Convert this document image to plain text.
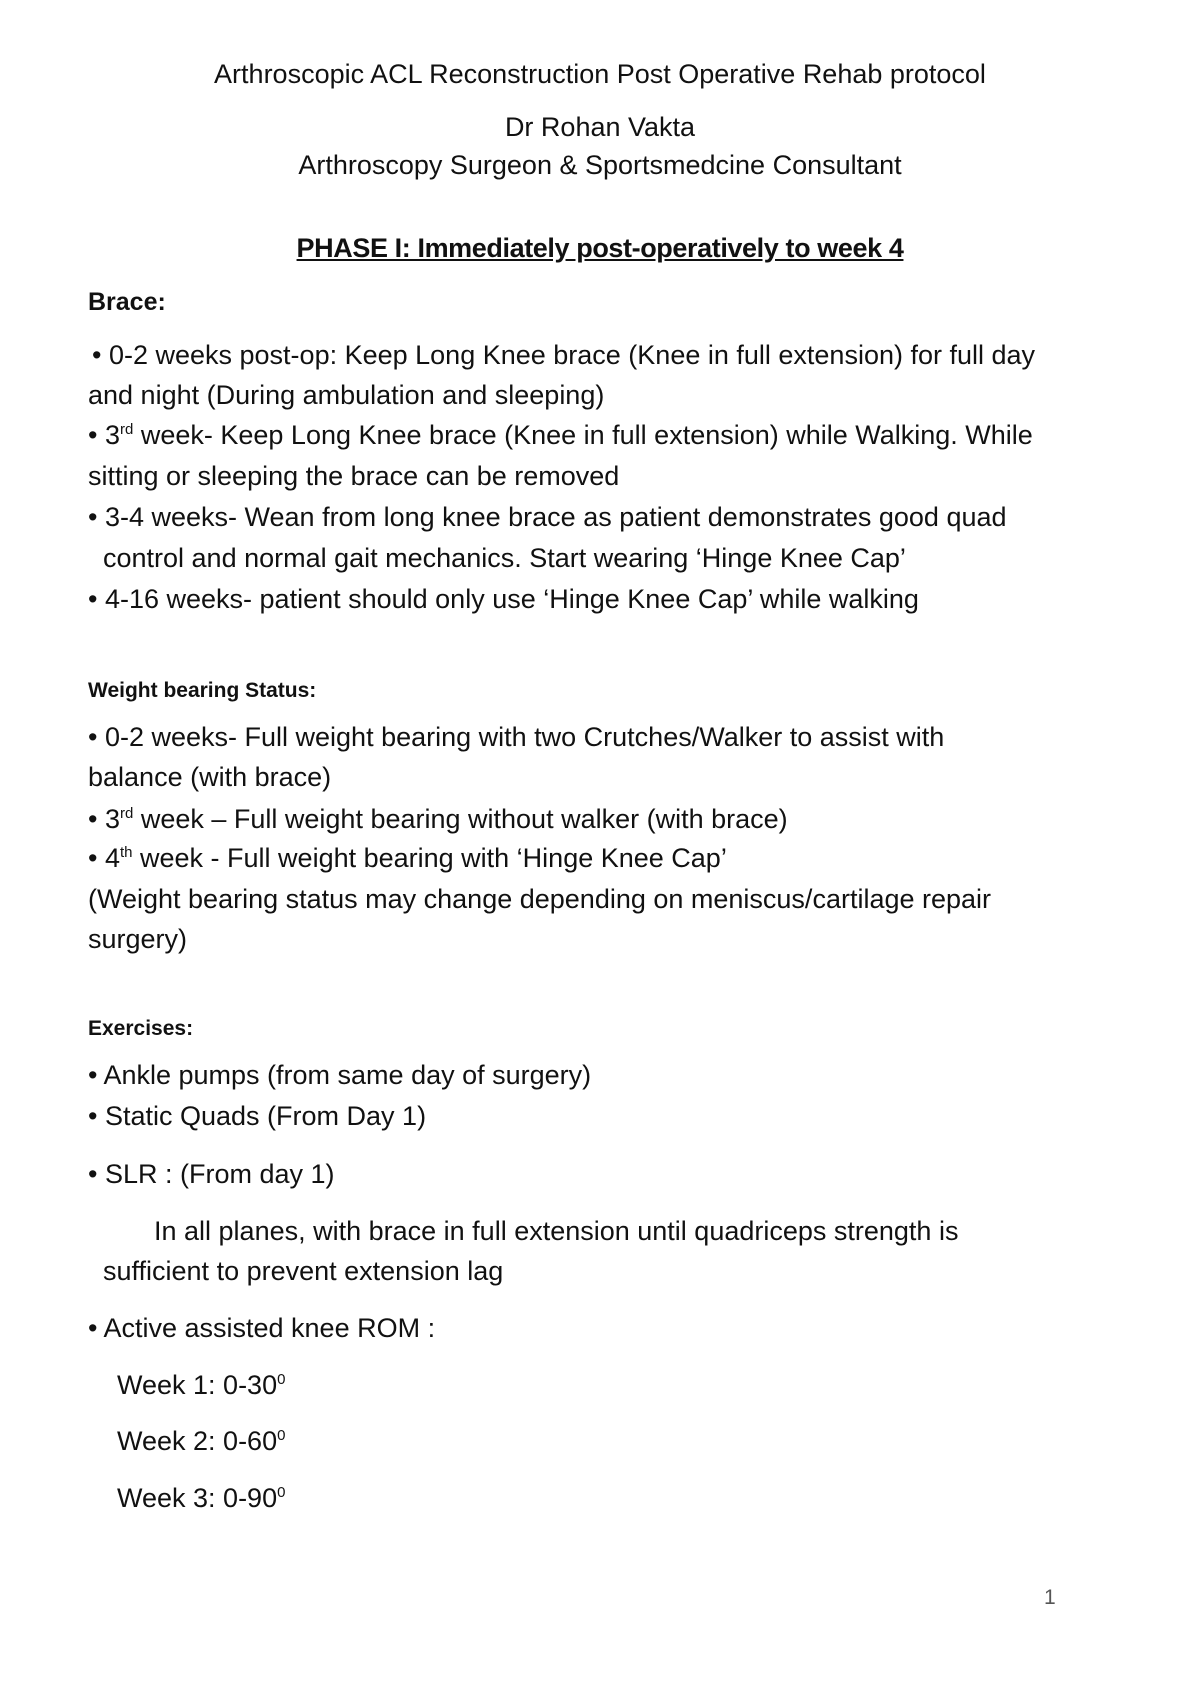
Arthroscopic ACL Reconstruction Post Operative Rehab protocol
Dr Rohan Vakta
Arthroscopy Surgeon & Sportsmedcine Consultant
PHASE I: Immediately post-operatively to week 4
Brace:
• 0-2 weeks post-op: Keep Long Knee brace (Knee in full extension) for full day
and night (During ambulation and sleeping)
• 3rd week- Keep Long Knee brace (Knee in full extension) while Walking. While
sitting or sleeping the brace can be removed
• 3-4 weeks- Wean from long knee brace as patient demonstrates good quad
control and normal gait mechanics. Start wearing ‘Hinge Knee Cap’
• 4-16 weeks- patient should only use ‘Hinge Knee Cap’ while walking
Weight bearing Status:
• 0-2 weeks- Full weight bearing with two Crutches/Walker to assist with
balance (with brace)
• 3rd week – Full weight bearing without walker (with brace)
• 4th week - Full weight bearing with ‘Hinge Knee Cap’
(Weight bearing status may change depending on meniscus/cartilage repair
surgery)
Exercises:
• Ankle pumps (from same day of surgery)
• Static Quads (From Day 1)
• SLR : (From day 1)
In all planes, with brace in full extension until quadriceps strength is
sufficient to prevent extension lag
• Active assisted knee ROM :
Week 1: $0-30^0$
Week 2: $0-60^0$
Week 3: $0-90^0$
1
